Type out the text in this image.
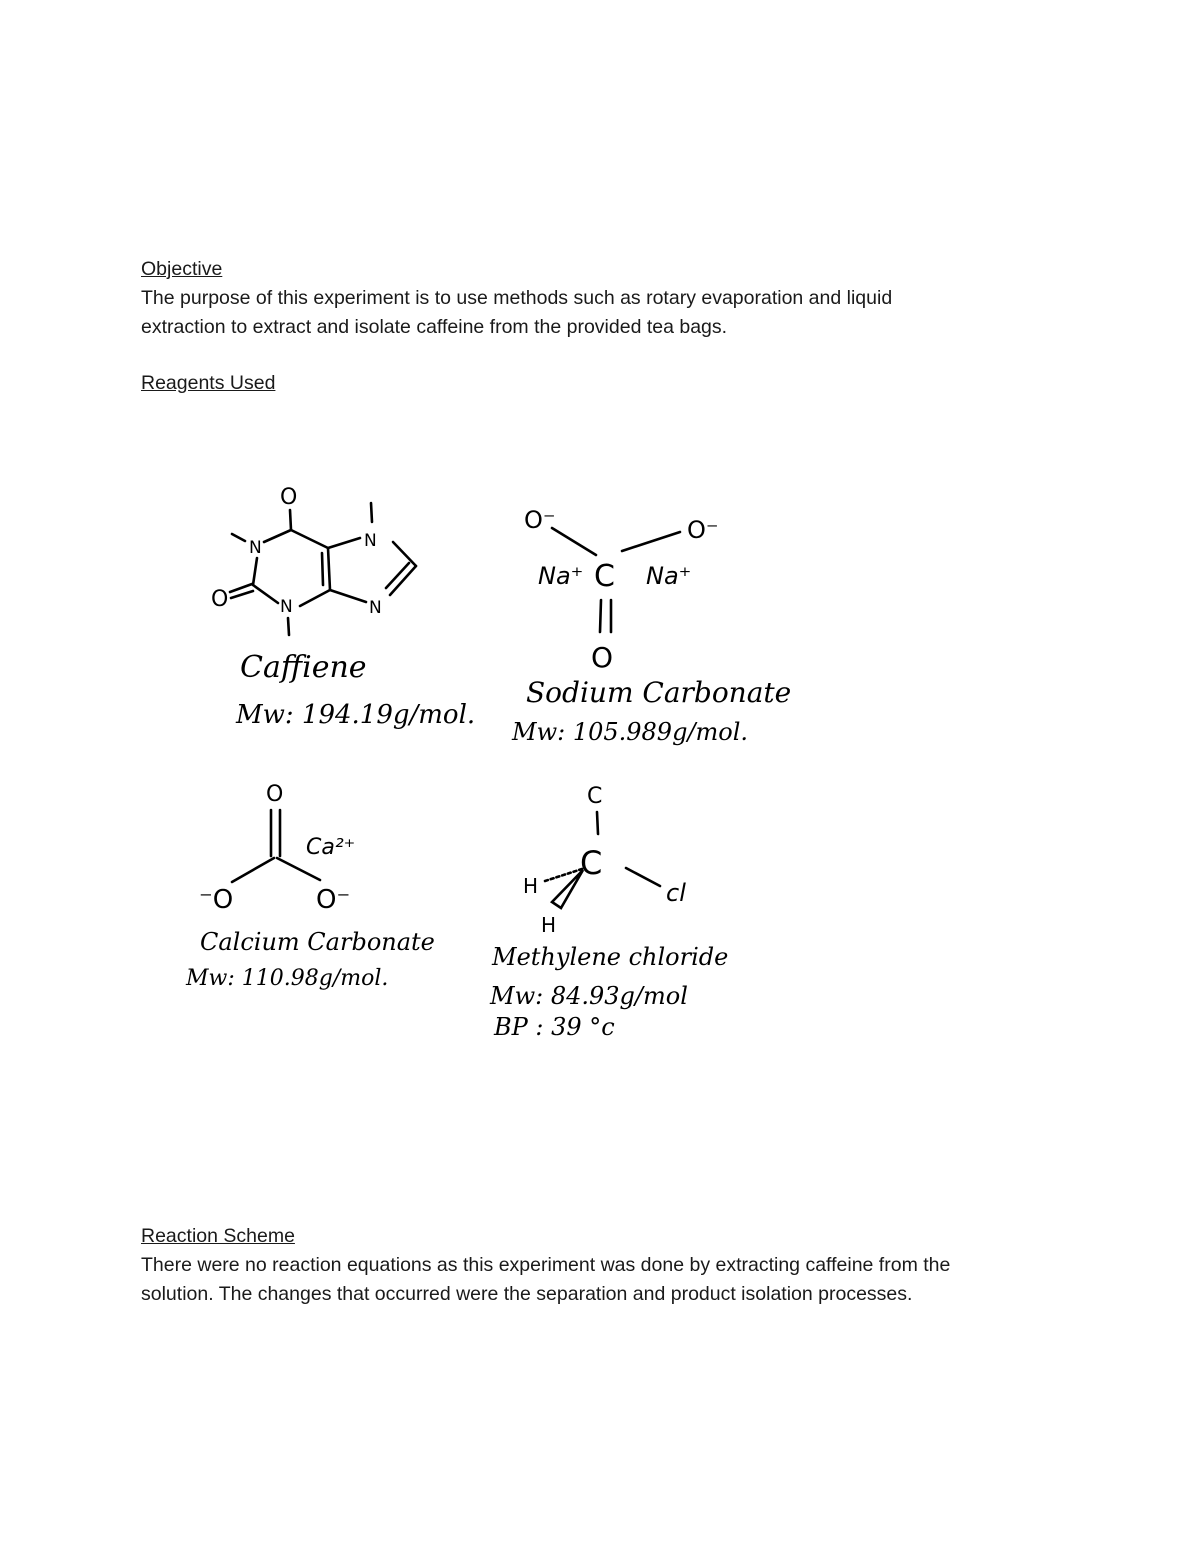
Objective
The purpose of this experiment is to use methods such as rotary evaporation and liquid
extraction to extract and isolate caffeine from the provided tea bags.
Reagents Used
O
N
N
O
N
N
O⁻	O⁻
Na⁺ C Na⁺
O
O
Ca²⁺
⁻O	O⁻
C
C
H
H
cl
Caffiene
Mw: 194.19g/mol.
Sodium Carbonate
Mw: 105.989g/mol.
Calcium Carbonate
Mw: 110.98g/mol.
Methylene chloride
Mw: 84.93g/mol
BP : 39 °c
Reaction Scheme
There were no reaction equations as this experiment was done by extracting caffeine from the
solution. The changes that occurred were the separation and product isolation processes.
